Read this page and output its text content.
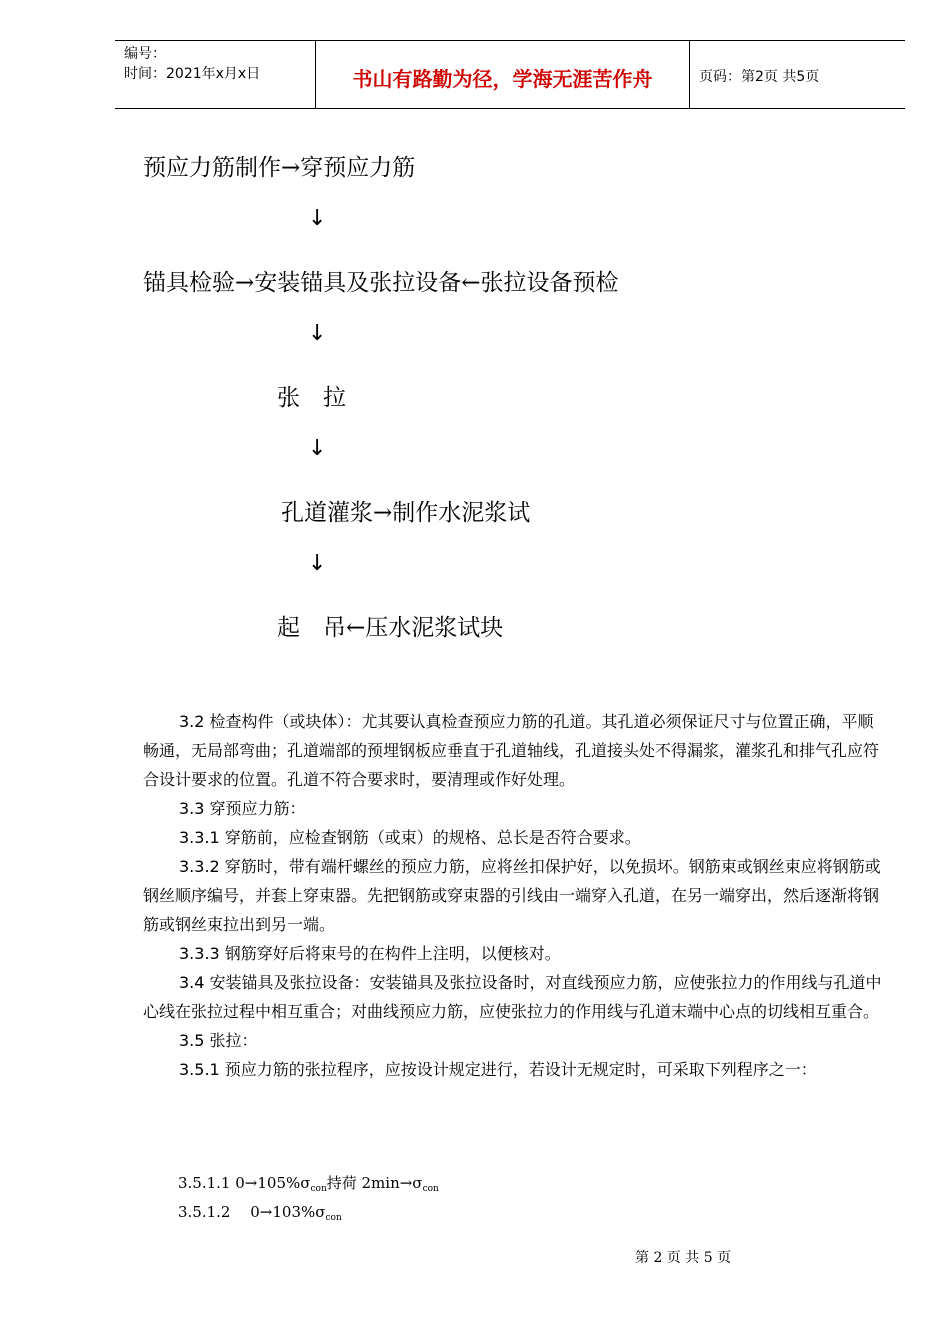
编号：
时间：2021年x月x日	书山有路勤为径，学海无涯苦作舟	页码：第2页 共5页
预应力筋制作→穿预应力筋
↓
锚具检验→安装锚具及张拉设备←张拉设备预检
↓
张　拉
↓
孔道灌浆→制作水泥浆试
↓
起　吊←压水泥浆试块

3.2 检查构件（或块体）：尤其要认真检查预应力筋的孔道。其孔道必须保证尺寸与位置正确，平顺畅通，无局部弯曲；孔道端部的预埋钢板应垂直于孔道轴线，孔道接头处不得漏浆，灌浆孔和排气孔应符合设计要求的位置。孔道不符合要求时，要清理或作好处理。

3.3 穿预应力筋：

3.3.1 穿筋前，应检查钢筋（或束）的规格、总长是否符合要求。

3.3.2 穿筋时，带有端杆螺丝的预应力筋，应将丝扣保护好，以免损坏。钢筋束或钢丝束应将钢筋或钢丝顺序编号，并套上穿束器。先把钢筋或穿束器的引线由一端穿入孔道，在另一端穿出，然后逐渐将钢筋或钢丝束拉出到另一端。

3.3.3 钢筋穿好后将束号的在构件上注明，以便核对。

3.4 安装锚具及张拉设备：安装锚具及张拉设备时，对直线预应力筋，应使张拉力的作用线与孔道中心线在张拉过程中相互重合；对曲线预应力筋，应使张拉力的作用线与孔道末端中心点的切线相互重合。

3.5 张拉：

3.5.1 预应力筋的张拉程序，应按设计规定进行，若设计无规定时，可采取下列程序之一：

3.5.1.1 $0\to 105\%\sigma_{con}$持荷 $2\min\to\sigma_{con}$
3.5.1.2 　$0\to 103\%\sigma_{con}$
第 2 页 共 5 页
